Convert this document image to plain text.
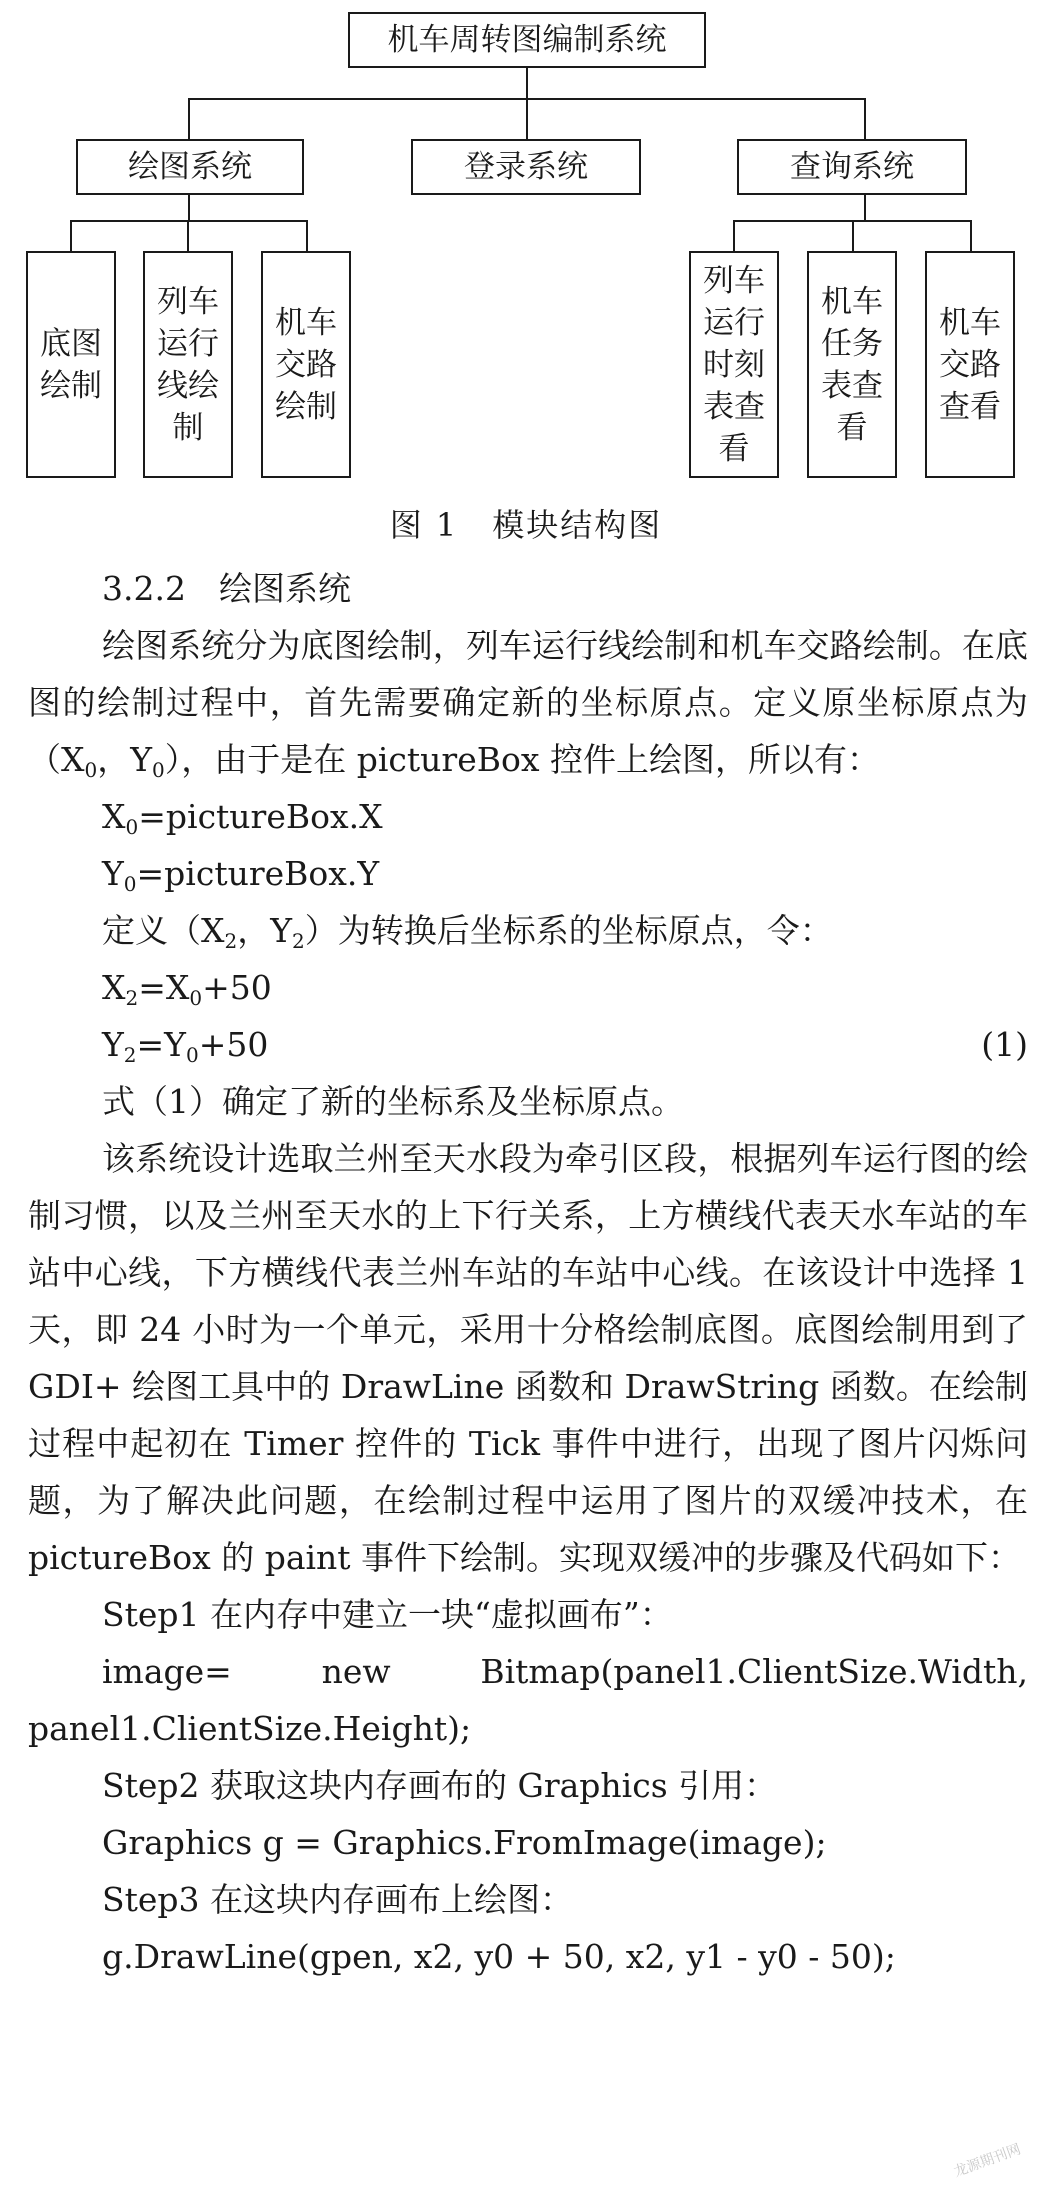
机车周转图编制系统
绘图系统	登录系统	查询系统
底图
绘制
列车
运行
线绘
制
机车
交路
绘制
列车
运行
时刻
表查
看
机车
任务
表查
看
机车
交路
查看
图 1　模块结构图
3.2.2　绘图系统

绘图系统分为底图绘制，列车运行线绘制和机车交路绘制。在底图的绘制过程中，首先需要确定新的坐标原点。定义原坐标原点为（$X_0$，$Y_0$），由于是在 pictureBox 控件上绘图，所以有：

$X_0=pictureBox.X$
$Y_0=pictureBox.Y$
定义（$X_2$，$Y_2$）为转换后坐标系的坐标原点，令：
$X_2=X_0+50$
(1)
$Y_2=Y_0+50$
式（1）确定了新的坐标系及坐标原点。

该系统设计选取兰州至天水段为牵引区段，根据列车运行图的绘制习惯，以及兰州至天水的上下行关系，上方横线代表天水车站的车站中心线，下方横线代表兰州车站的车站中心线。在该设计中选择 1 天，即 24 小时为一个单元，采用十分格绘制底图。底图绘制用到了 GDI+ 绘图工具中的 DrawLine 函数和 DrawString 函数。在绘制过程中起初在 Timer 控件的 Tick 事件中进行，出现了图片闪烁问题，为了解决此问题，在绘制过程中运用了图片的双缓冲技术，在 pictureBox 的 paint 事件下绘制。实现双缓冲的步骤及代码如下：

Step1 在内存中建立一块“虚拟画布”：

image= new Bitmap(panel1.ClientSize.Width, panel1.ClientSize.Height);

Step2 获取这块内存画布的 Graphics 引用：
Graphics g = Graphics.FromImage(image);
Step3 在这块内存画布上绘图：

g.DrawLine(gpen, x2, y0 + 50, x2, y1 - y0 - 50);

龙源期刊网
